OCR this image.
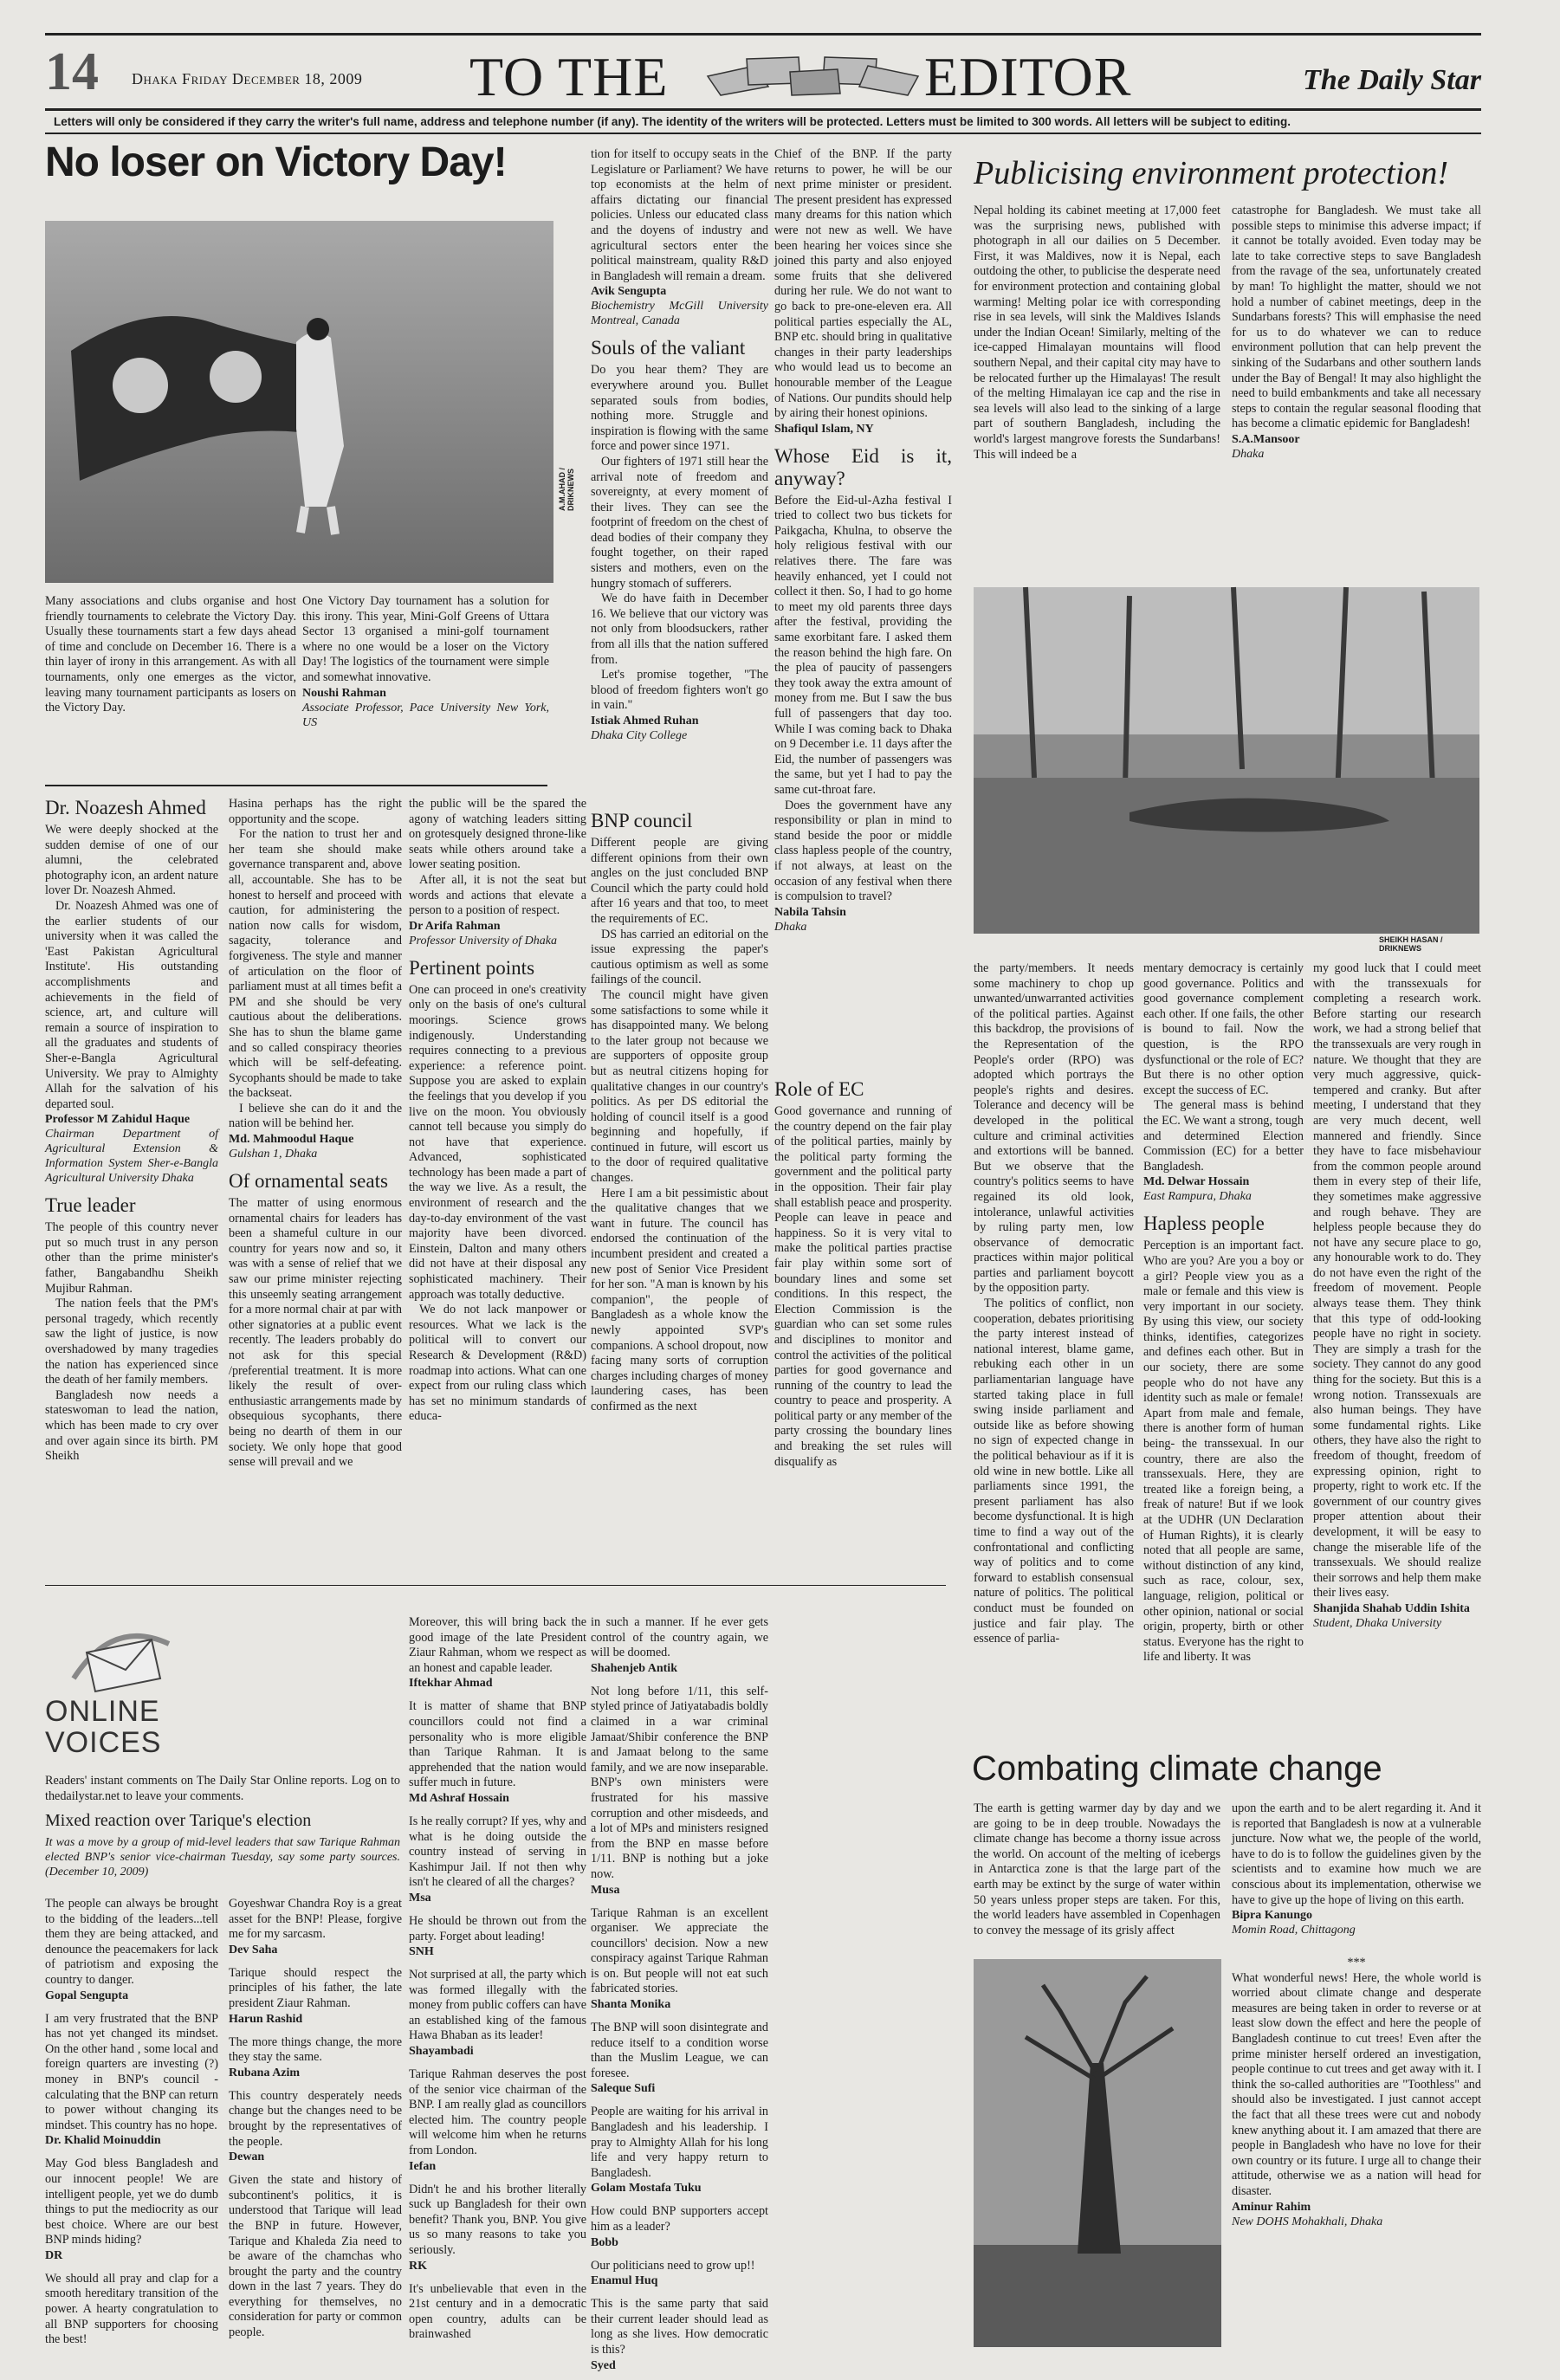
14 Dhaka Friday December 18, 2009 TO THE	EDITOR	The Daily Star
Letters will only be considered if they carry the writer's full name, address and telephone number (if any). The identity of the writers will be protected. Letters must be limited to 300 words. All letters will be subject to editing.
No loser on Victory Day!
A.M.AHAD / DRIKNEWS

Many associations and clubs organise and host friendly tournaments to celebrate the Victory Day. Usually these tournaments start a few days ahead of time and conclude on December 16. There is a thin layer of irony in this arrangement. As with all tournaments, only one emerges as the victor, leaving many tournament participants as losers on the Victory Day.

One Victory Day tournament has a solution for this irony. This year, Mini-Golf Greens of Uttara Sector 13 organised a mini-golf tournament where no one would be a loser on the Victory Day! The logistics of the tournament were simple and somewhat innovative.

Noushi Rahman
Associate Professor, Pace University New York, US

tion for itself to occupy seats in the Legislature or Parliament? We have top economists at the helm of affairs dictating our financial policies. Unless our educated class and the doyens of industry and agricultural sectors enter the political mainstream, quality R&D in Bangladesh will remain a dream.

Avik Sengupta
Biochemistry McGill University Montreal, Canada
Souls of the valiant

Do you hear them? They are everywhere around you. Bullet separated souls from bodies, nothing more. Struggle and inspiration is flowing with the same force and power since 1971.

Our fighters of 1971 still hear the arrival note of freedom and sovereignty, at every moment of their lives. They can see the footprint of freedom on the chest of dead bodies of their company they fought together, on their raped sisters and mothers, even on the hungry stomach of sufferers.

We do have faith in December 16. We believe that our victory was not only from bloodsuckers, rather from all ills that the nation suffered from.

Let's promise together, "The blood of freedom fighters won't go in vain."

Istiak Ahmed Ruhan
Dhaka City College

Chief of the BNP. If the party returns to power, he will be our next prime minister or president. The present president has expressed many dreams for this nation which were not new as well. We have been hearing her voices since she joined this party and also enjoyed some fruits that she delivered during her rule. We do not want to go back to pre-one-eleven era. All political parties especially the AL, BNP etc. should bring in qualitative changes in their party leaderships who would lead us to become an honourable member of the League of Nations. Our pundits should help by airing their honest opinions.

Shafiqul Islam, NY
Whose Eid is it, anyway?

Before the Eid-ul-Azha festival I tried to collect two bus tickets for Paikgacha, Khulna, to observe the holy religious festival with our relatives there. The fare was heavily enhanced, yet I could not collect it then. So, I had to go home to meet my old parents three days after the festival, providing the same exorbitant fare. I asked them the reason behind the high fare. On the plea of paucity of passengers they took away the extra amount of money from me. But I saw the bus full of passengers that day too. While I was coming back to Dhaka on 9 December i.e. 11 days after the Eid, the number of passengers was the same, but yet I had to pay the same cut-throat fare.

Does the government have any responsibility or plan in mind to stand beside the poor or middle class hapless people of the country, if not always, at least on the occasion of any festival when there is compulsion to travel?

Nabila Tahsin
Dhaka
Publicising environment protection!

Nepal holding its cabinet meeting at 17,000 feet was the surprising news, published with photograph in all our dailies on 5 December. First, it was Maldives, now it is Nepal, each outdoing the other, to publicise the desperate need for environment protection and containing global warming! Melting polar ice with corresponding rise in sea levels, will sink the Maldives Islands under the Indian Ocean! Similarly, melting of the ice-capped Himalayan mountains will flood southern Nepal, and their capital city may have to be relocated further up the Himalayas! The result of the melting Himalayan ice cap and the rise in sea levels will also lead to the sinking of a large part of southern Bangladesh, including the world's largest mangrove forests the Sundarbans! This will indeed be a

catastrophe for Bangladesh. We must take all possible steps to minimise this adverse impact; if it cannot be totally avoided. Even today may be late to take corrective steps to save Bangladesh from the ravage of the sea, unfortunately created by man! To highlight the matter, should we not hold a number of cabinet meetings, deep in the Sundarbans forests? This will emphasise the need for us to do whatever we can to reduce environment pollution that can help prevent the sinking of the Sudarbans and other southern lands under the Bay of Bengal! It may also highlight the need to build embankments and take all necessary steps to contain the regular seasonal flooding that has become a climatic epidemic for Bangladesh!

S.A.Mansoor
Dhaka
SHEIKH HASAN / DRIKNEWS
Dr. Noazesh Ahmed

We were deeply shocked at the sudden demise of one of our alumni, the celebrated photography icon, an ardent nature lover Dr. Noazesh Ahmed.

Dr. Noazesh Ahmed was one of the earlier students of our university when it was called the 'East Pakistan Agricultural Institute'. His outstanding accomplishments and achievements in the field of science, art, and culture will remain a source of inspiration to all the graduates and students of Sher-e-Bangla Agricultural University. We pray to Almighty Allah for the salvation of his departed soul.

Professor M Zahidul Haque
Chairman Department of Agricultural Extension & Information System Sher-e-Bangla Agricultural University Dhaka
True leader

The people of this country never put so much trust in any person other than the prime minister's father, Bangabandhu Sheikh Mujibur Rahman.

The nation feels that the PM's personal tragedy, which recently saw the light of justice, is now overshadowed by many tragedies the nation has experienced since the death of her family members.

Bangladesh now needs a stateswoman to lead the nation, which has been made to cry over and over again since its birth. PM Sheikh

Hasina perhaps has the right opportunity and the scope.

For the nation to trust her and her team she should make governance transparent and, above all, accountable. She has to be honest to herself and proceed with caution, for administering the nation now calls for wisdom, sagacity, tolerance and forgiveness. The style and manner of articulation on the floor of parliament must at all times befit a PM and she should be very cautious about the deliberations. She has to shun the blame game and so called conspiracy theories which will be self-defeating. Sycophants should be made to take the backseat.

I believe she can do it and the nation will be behind her.

Md. Mahmoodul Haque
Gulshan 1, Dhaka
Of ornamental seats

The matter of using enormous ornamental chairs for leaders has been a shameful culture in our country for years now and so, it was with a sense of relief that we saw our prime minister rejecting this unseemly seating arrangement for a more normal chair at par with other signatories at a public event recently. The leaders probably do not ask for this special /preferential treatment. It is more likely the result of over-enthusiastic arrangements made by obsequious sycophants, there being no dearth of them in our society. We only hope that good sense will prevail and we

the public will be the spared the agony of watching leaders sitting on grotesquely designed throne-like seats while others around take a lower seating position.

After all, it is not the seat but words and actions that elevate a person to a position of respect.

Dr Arifa Rahman
Professor University of Dhaka
Pertinent points

One can proceed in one's creativity only on the basis of one's cultural moorings. Science grows indigenously. Understanding requires connecting to a previous experience: a reference point. Suppose you are asked to explain the feelings that you develop if you live on the moon. You obviously cannot tell because you simply do not have that experience. Advanced, sophisticated technology has been made a part of the way we live. As a result, the environment of research and the day-to-day environment of the vast majority have been divorced. Einstein, Dalton and many others did not have at their disposal any sophisticated machinery. Their approach was totally deductive.

We do not lack manpower or resources. What we lack is the political will to convert our Research & Development (R&D) roadmap into actions. What can one expect from our ruling class which has set no minimum standards of educa-

BNP council

Different people are giving different opinions from their own angles on the just concluded BNP Council which the party could hold after 16 years and that too, to meet the requirements of EC.

DS has carried an editorial on the issue expressing the paper's cautious optimism as well as some failings of the council.

The council might have given some satisfactions to some while it has disappointed many. We belong to the later group not because we are supporters of opposite group but as neutral citizens hoping for qualitative changes in our country's politics. As per DS editorial the holding of council itself is a good beginning and hopefully, if continued in future, will escort us to the door of required qualitative changes.

Here I am a bit pessimistic about the qualitative changes that we want in future. The council has endorsed the continuation of the incumbent president and created a new post of Senior Vice President for her son. "A man is known by his companion", the people of Bangladesh as a whole know the newly appointed SVP's companions. A school dropout, now facing many sorts of corruption charges including charges of money laundering cases, has been confirmed as the next

Role of EC

Good governance and running of the country depend on the fair play of the political parties, mainly by the political party forming the government and the political party in the opposition. Their fair play shall establish peace and prosperity. People can leave in peace and happiness. So it is very vital to make the political parties practise fair play within some sort of boundary lines and some set conditions. In this respect, the Election Commission is the guardian who can set some rules and disciplines to monitor and control the activities of the political parties for good governance and running of the country to lead the country to peace and prosperity. A political party or any member of the party crossing the boundary lines and breaking the set rules will disqualify as

the party/members. It needs some machinery to chop up unwanted/unwarranted activities of the political parties. Against this backdrop, the provisions of the Representation of the People's order (RPO) was adopted which portrays the people's rights and desires. Tolerance and decency will be developed in the political culture and criminal activities and extortions will be banned. But we observe that the country's politics seems to have regained its old look, intolerance, unlawful activities by ruling party men, low observance of democratic practices within major political parties and parliament boycott by the opposition party.

The politics of conflict, non cooperation, debates prioritising the party interest instead of national interest, blame game, rebuking each other in un parliamentarian language have started taking place in full swing inside parliament and outside like as before showing no sign of expected change in the political behaviour as if it is old wine in new bottle. Like all parliaments since 1991, the present parliament has also become dysfunctional. It is high time to find a way out of the confrontational and conflicting way of politics and to come forward to establish consensual nature of politics. The political conduct must be founded on justice and fair play. The essence of parlia-

mentary democracy is certainly good governance. Politics and good governance complement each other. If one fails, the other is bound to fail. Now the question, is the RPO dysfunctional or the role of EC? But there is no other option except the success of EC.

The general mass is behind the EC. We want a strong, tough and determined Election Commission (EC) for a better Bangladesh.

Md. Delwar Hossain
East Rampura, Dhaka
Hapless people

Perception is an important fact. Who are you? Are you a boy or a girl? People view you as a male or female and this view is very important in our society. By using this view, our society thinks, identifies, categorizes and defines each other. But in our society, there are some people who do not have any identity such as male or female! Apart from male and female, there is another form of human being- the transsexual. In our country, there are also the transsexuals. Here, they are treated like a foreign being, a freak of nature! But if we look at the UDHR (UN Declaration of Human Rights), it is clearly noted that all people are same, without distinction of any kind, such as race, colour, sex, language, religion, political or other opinion, national or social origin, property, birth or other status. Everyone has the right to life and liberty. It was

my good luck that I could meet with the transsexuals for completing a research work. Before starting our research work, we had a strong belief that the transsexuals are very rough in nature. We thought that they are very much aggressive, quick-tempered and cranky. But after meeting, I understand that they are very much decent, well mannered and friendly. Since they have to face misbehaviour from the common people around them in every step of their life, they sometimes make aggressive and rough behave. They are helpless people because they do not have any secure place to go, any honourable work to do. They do not have even the right of the freedom of movement. People always tease them. They think that this type of odd-looking people have no right in society. They are simply a trash for the society. They cannot do any good thing for the society. But this is a wrong notion. Transsexuals are also human beings. They have some fundamental rights. Like others, they have also the right to freedom of thought, freedom of expressing opinion, right to property, right to work etc. If the government of our country gives proper attention about their development, it will be easy to change the miserable life of the transsexuals. We should realize their sorrows and help them make their lives easy.

Shanjida Shahab Uddin Ishita
Student, Dhaka University
ONLINE
VOICES

Readers' instant comments on The Daily Star Online reports. Log on to thedailystar.net to leave your comments.

Mixed reaction over Tarique's election

It was a move by a group of mid-level leaders that saw Tarique Rahman elected BNP's senior vice-chairman Tuesday, say some party sources. (December 10, 2009)

The people can always be brought to the bidding of the leaders...tell them they are being attacked, and denounce the peacemakers for lack of patriotism and exposing the country to danger.

Gopal Sengupta

I am very frustrated that the BNP has not yet changed its mindset. On the other hand , some local and foreign quarters are investing (?) money in BNP's council - calculating that the BNP can return to power without changing its mindset. This country has no hope.

Dr. Khalid Moinuddin

May God bless Bangladesh and our innocent people! We are intelligent people, yet we do dumb things to put the mediocrity as our best choice. Where are our best BNP minds hiding?

DR

We should all pray and clap for a smooth hereditary transition of the power. A hearty congratulation to all BNP supporters for choosing the best!

Goyeshwar Chandra Roy is a great asset for the BNP! Please, forgive me for my sarcasm.

Dev Saha

Tarique should respect the principles of his father, the late president Ziaur Rahman.

Harun Rashid

The more things change, the more they stay the same.

Rubana Azim

This country desperately needs change but the changes need to be brought by the representatives of the people.

Dewan

Given the state and history of subcontinent's politics, it is understood that Tarique will lead the BNP in future. However, Tarique and Khaleda Zia need to be aware of the chamchas who brought the party and the country down in the last 7 years. They do everything for themselves, no consideration for party or common people.

Moreover, this will bring back the good image of the late President Ziaur Rahman, whom we respect as an honest and capable leader.

Iftekhar Ahmad

It is matter of shame that BNP councillors could not find a personality who is more eligible than Tarique Rahman. It is apprehended that the nation would suffer much in future.

Md Ashraf Hossain

Is he really corrupt? If yes, why and what is he doing outside the country instead of serving in Kashimpur Jail. If not then why isn't he cleared of all the charges?

Msa

He should be thrown out from the party. Forget about leading!

SNH

Not surprised at all, the party which was formed illegally with the money from public coffers can have an established king of the famous Hawa Bhaban as its leader!

Shayambadi

Tarique Rahman deserves the post of the senior vice chairman of the BNP. I am really glad as councillors elected him. The country people will welcome him when he returns from London.

Iefan

Didn't he and his brother literally suck up Bangladesh for their own benefit? Thank you, BNP. You give us so many reasons to take you seriously.

RK

It's unbelievable that even in the 21st century and in a democratic open country, adults can be brainwashed

in such a manner. If he ever gets control of the country again, we will be doomed.

Shahenjeb Antik

Not long before 1/11, this self-styled prince of Jatiyatabadis boldly claimed in a war criminal Jamaat/Shibir conference the BNP and Jamaat belong to the same family, and we are now inseparable. BNP's own ministers were frustrated for his massive corruption and other misdeeds, and a lot of MPs and ministers resigned from the BNP en masse before 1/11. BNP is nothing but a joke now.

Musa

Tarique Rahman is an excellent organiser. We appreciate the councillors' decision. Now a new conspiracy against Tarique Rahman is on. But people will not eat such fabricated stories.

Shanta Monika

The BNP will soon disintegrate and reduce itself to a condition worse than the Muslim League, we can foresee.

Saleque Sufi

People are waiting for his arrival in Bangladesh and his leadership. I pray to Almighty Allah for his long life and very happy return to Bangladesh.

Golam Mostafa Tuku

How could BNP supporters accept him as a leader?

Bobb

Our politicians need to grow up!!

Enamul Huq

This is the same party that said their current leader should lead as long as she lives. How democratic is this?

Syed
Combating climate change

The earth is getting warmer day by day and we are going to be in deep trouble. Nowadays the climate change has become a thorny issue across the world. On account of the melting of icebergs in Antarctica zone is that the large part of the earth may be extinct by the surge of water within 50 years unless proper steps are taken. For this, the world leaders have assembled in Copenhagen to convey the message of its grisly affect

upon the earth and to be alert regarding it. And it is reported that Bangladesh is now at a vulnerable juncture. Now what we, the people of the world, have to do is to follow the guidelines given by the scientists and to examine how much we are conscious about its implementation, otherwise we have to give up the hope of living on this earth.

Bipra Kanungo
Momin Road, Chittagong

***

What wonderful news! Here, the whole world is worried about climate change and desperate measures are being taken in order to reverse or at least slow down the effect and here the people of Bangladesh continue to cut trees! Even after the prime minister herself ordered an investigation, people continue to cut trees and get away with it. I think the so-called authorities are "Toothless" and should also be investigated. I just cannot accept the fact that all these trees were cut and nobody knew anything about it. I am amazed that there are people in Bangladesh who have no love for their own country or its future. I urge all to change their attitude, otherwise we as a nation will head for disaster.

Aminur Rahim
New DOHS Mohakhali, Dhaka
